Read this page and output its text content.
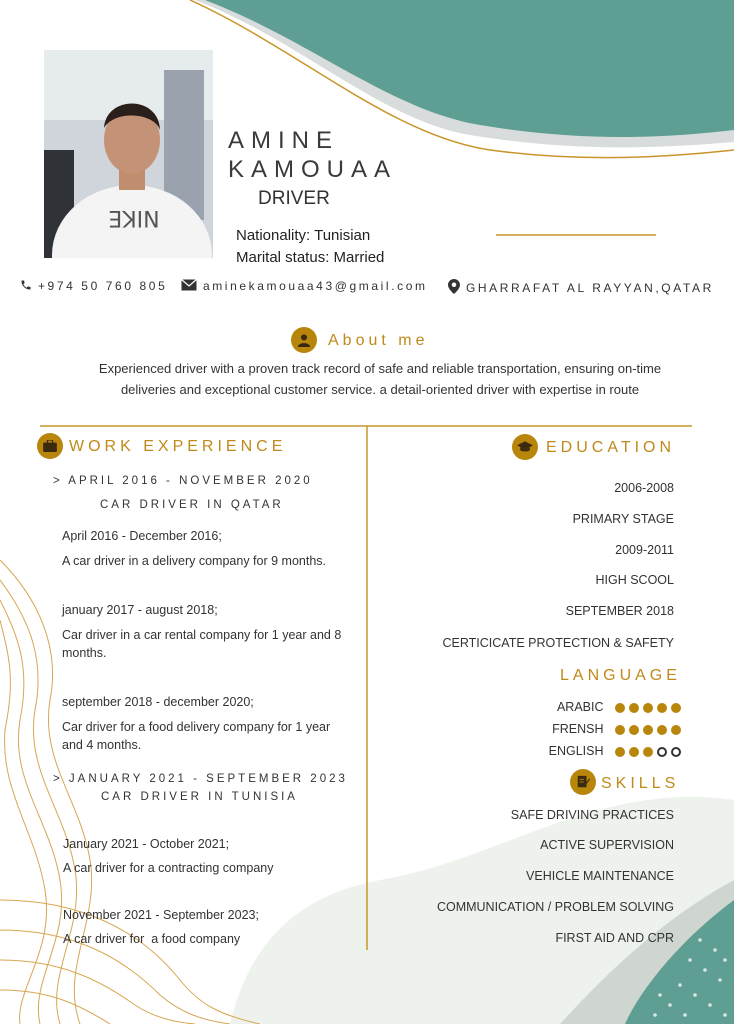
NIKE
AMINE
KAMOUAA
DRIVER
Nationality: Tunisian
Marital status: Married
+974 50 760 805	aminekamouaa43@gmail.com	GHARRAFAT AL RAYYAN,QATAR
About me
Experienced driver with a proven track record of safe and reliable transportation, ensuring on-time deliveries and exceptional customer service. a detail-oriented driver with expertise in route
WORK EXPERIENCE
> APRIL 2016 - NOVEMBER 2020
CAR DRIVER IN QATAR
April 2016 - December 2016;
A car driver in a delivery company for 9 months.
january 2017 - august 2018;
Car driver in a car rental company for 1 year and 8 months.
september 2018 - december 2020;
Car driver for a food delivery company for 1 year and 4 months.
> JANUARY 2021 - SEPTEMBER 2023
CAR DRIVER IN TUNISIA
January 2021 - October 2021;
A car driver for a contracting company
November 2021 - September 2023;
A car driver for  a food company
EDUCATION
2006-2008
PRIMARY STAGE
2009-2011
HIGH SCOOL
SEPTEMBER 2018
CERTICICATE PROTECTION & SAFETY
LANGUAGE
ARABIC
FRENSH
ENGLISH
SKILLS
SAFE DRIVING PRACTICES
ACTIVE SUPERVISION
VEHICLE MAINTENANCE
COMMUNICATION / PROBLEM SOLVING
FIRST AID AND CPR
